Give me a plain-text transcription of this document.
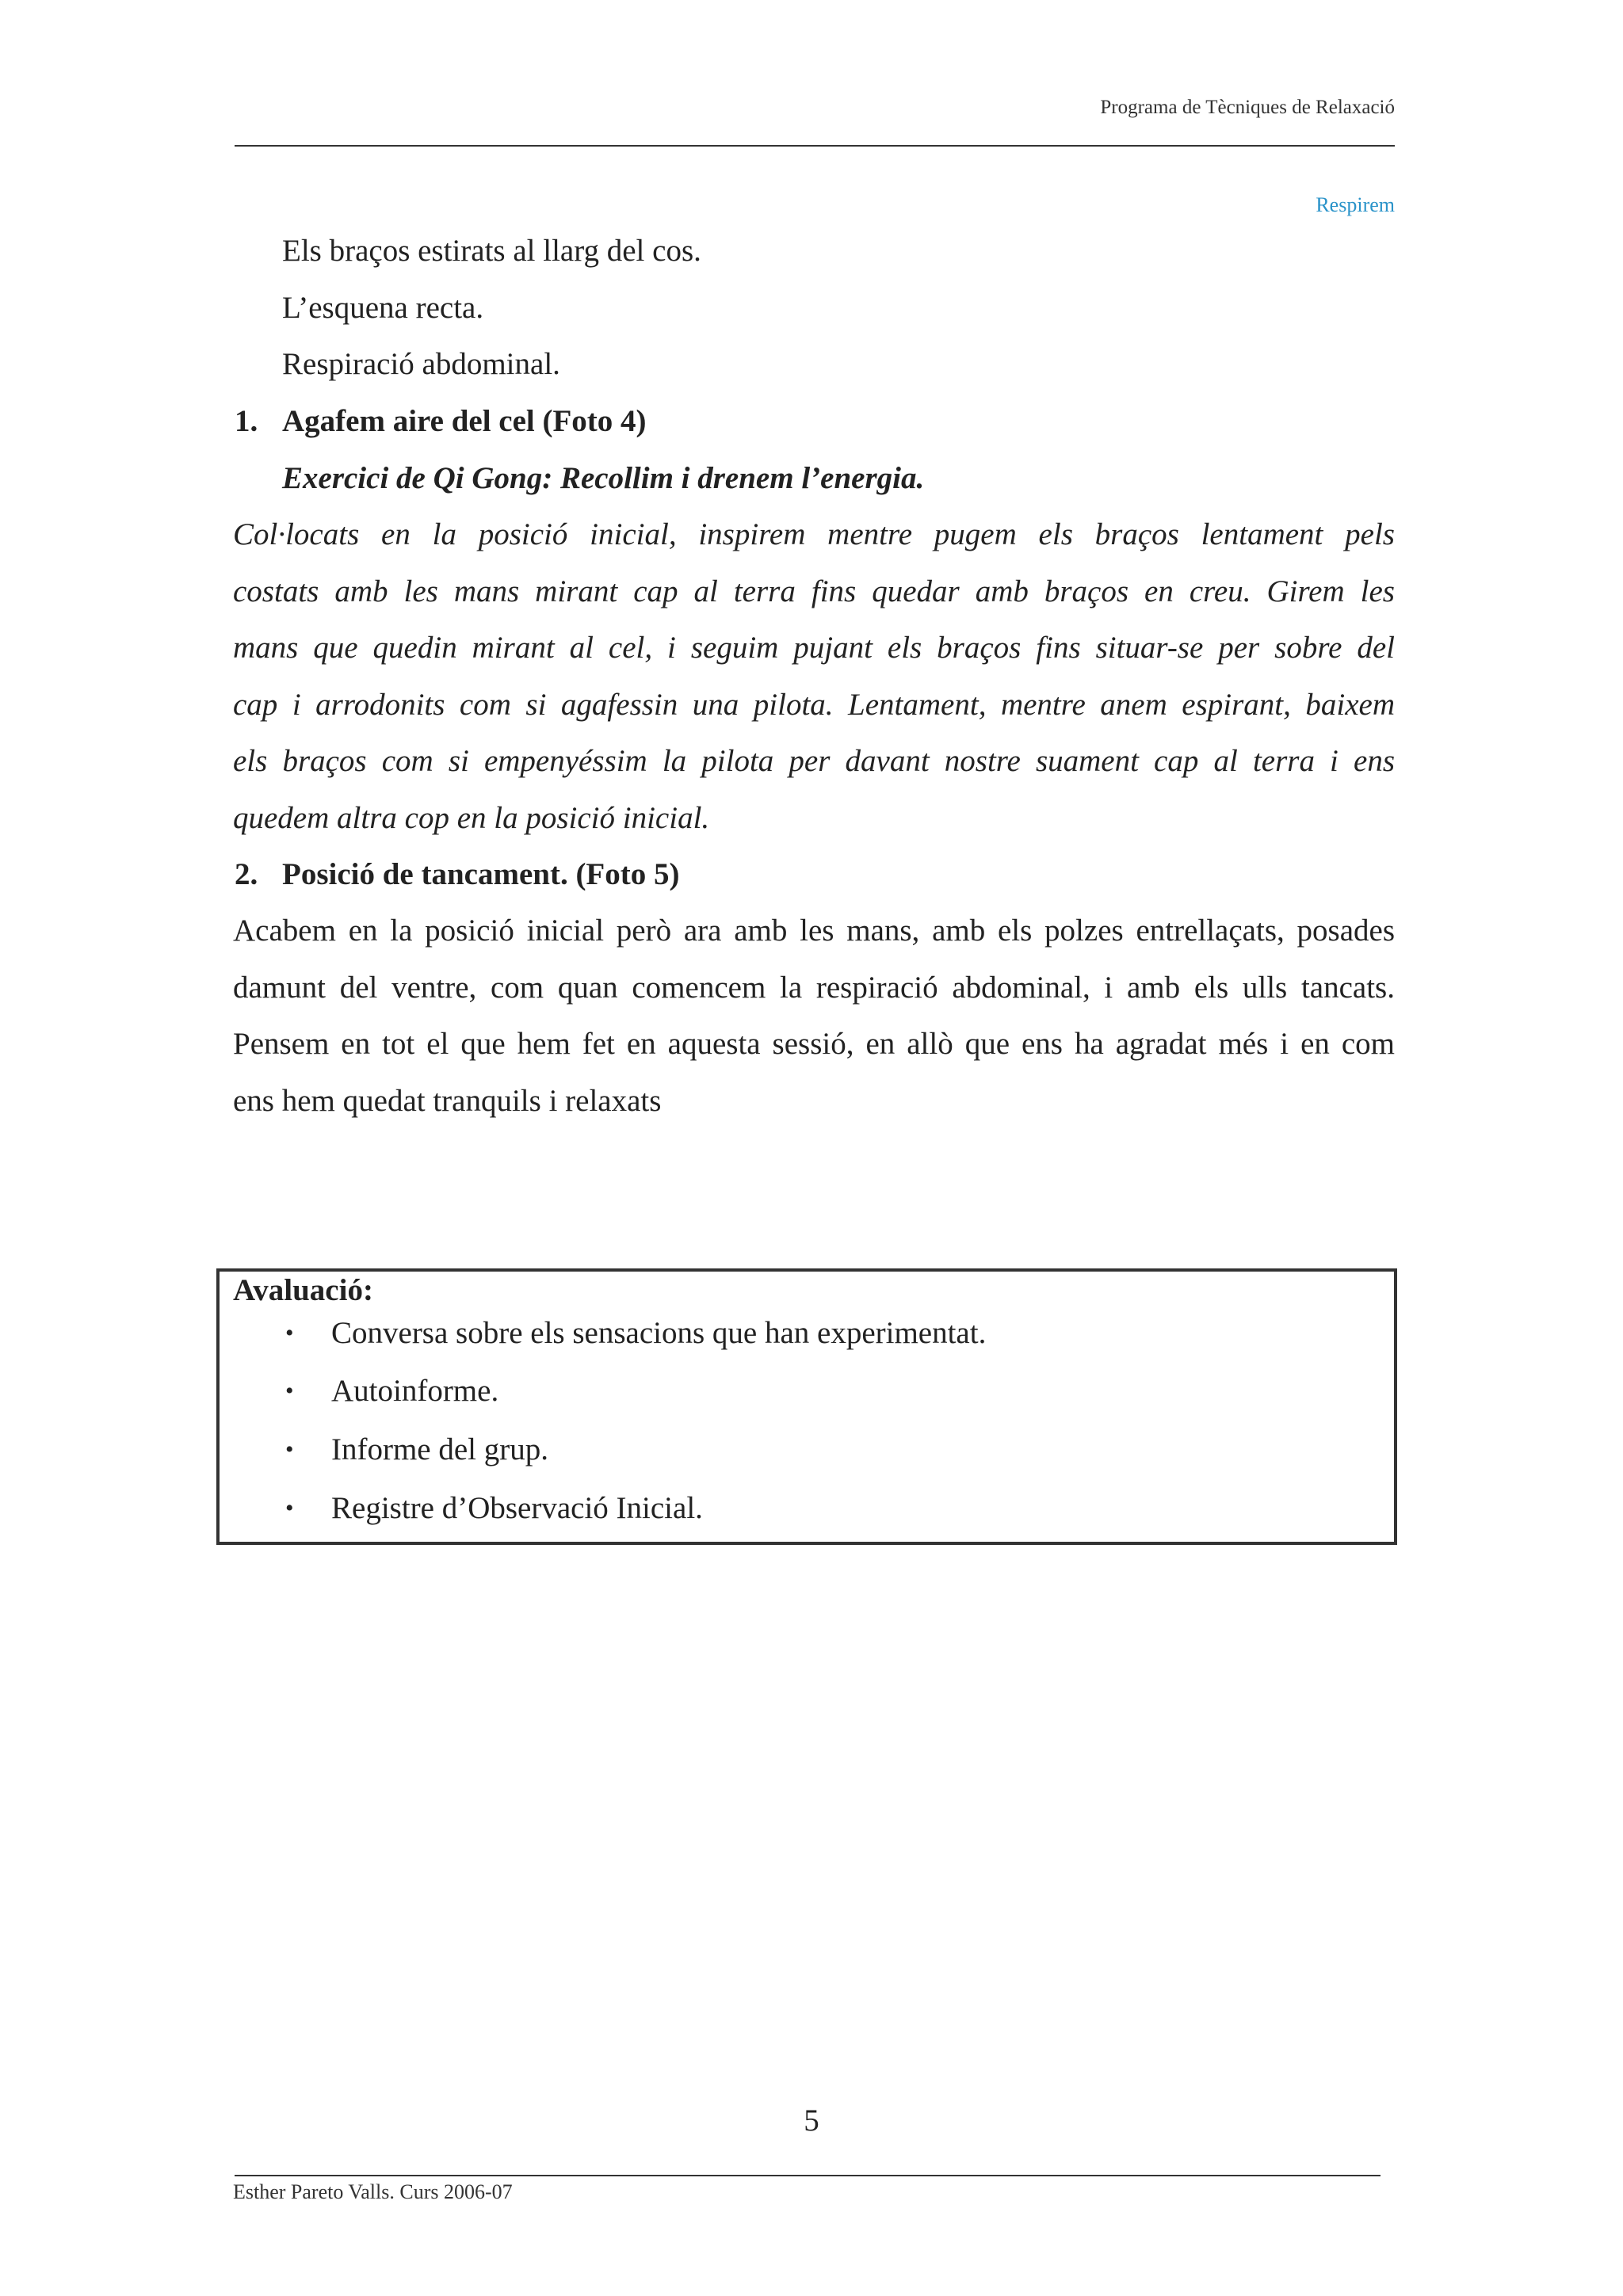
Programa de Tècniques de Relaxació
Respirem
Els braços estirats al llarg del cos.
L’esquena recta.
Respiració abdominal.
1. Agafem aire del cel (Foto 4)
Exercici de Qi Gong: Recollim i drenem l’energia.
Col·locats en la posició inicial, inspirem mentre pugem els braços lentament pels
costats amb les mans mirant cap al terra fins quedar amb braços en creu. Girem les
mans que quedin mirant al cel, i seguim pujant els braços fins situar-se per sobre del
cap i arrodonits com si agafessin una pilota. Lentament, mentre anem espirant, baixem
els braços com si empenyéssim la pilota per davant nostre suament cap al terra i ens
quedem altra cop en la posició inicial.
2. Posició de tancament. (Foto 5)
Acabem en la posició inicial però ara amb les mans, amb els polzes entrellaçats, posades
damunt del ventre, com quan comencem la respiració abdominal, i amb els ulls tancats.
Pensem en tot el que hem fet en aquesta sessió, en allò que ens ha agradat més i en com
ens hem quedat tranquils i relaxats
Avaluació:
• Conversa sobre els sensacions que han experimentat.
• Autoinforme.
• Informe del grup.
• Registre d’Observació Inicial.
5
Esther Pareto Valls. Curs 2006-07
